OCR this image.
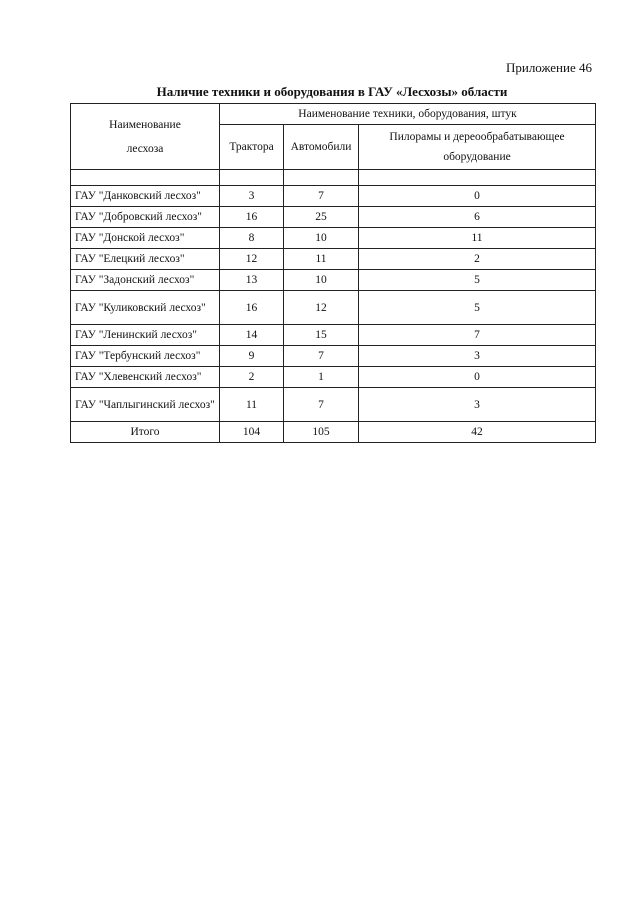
Приложение 46
Наличие техники и оборудования в ГАУ «Лесхозы» области
Наименование
лесхоза	Наименование техники, оборудования, штук		
	Трактора	Автомобили	Пилорамы и дереообрабатывающее оборудование

ГАУ "Данковский лесхоз"	3	7	0
ГАУ "Добровский лесхоз"	16	25	6
ГАУ "Донской лесхоз"	8	10	11
ГАУ "Елецкий лесхоз"	12	11	2
ГАУ "Задонский лесхоз"	13	10	5
ГАУ "Куликовский лесхоз"	16	12	5
ГАУ "Ленинский лесхоз"	14	15	7
ГАУ "Тербунский лесхоз"	9	7	3
ГАУ "Хлевенский лесхоз"	2	1	0
ГАУ "Чаплыгинский лесхоз"	11	7	3
Итого	104	105	42
